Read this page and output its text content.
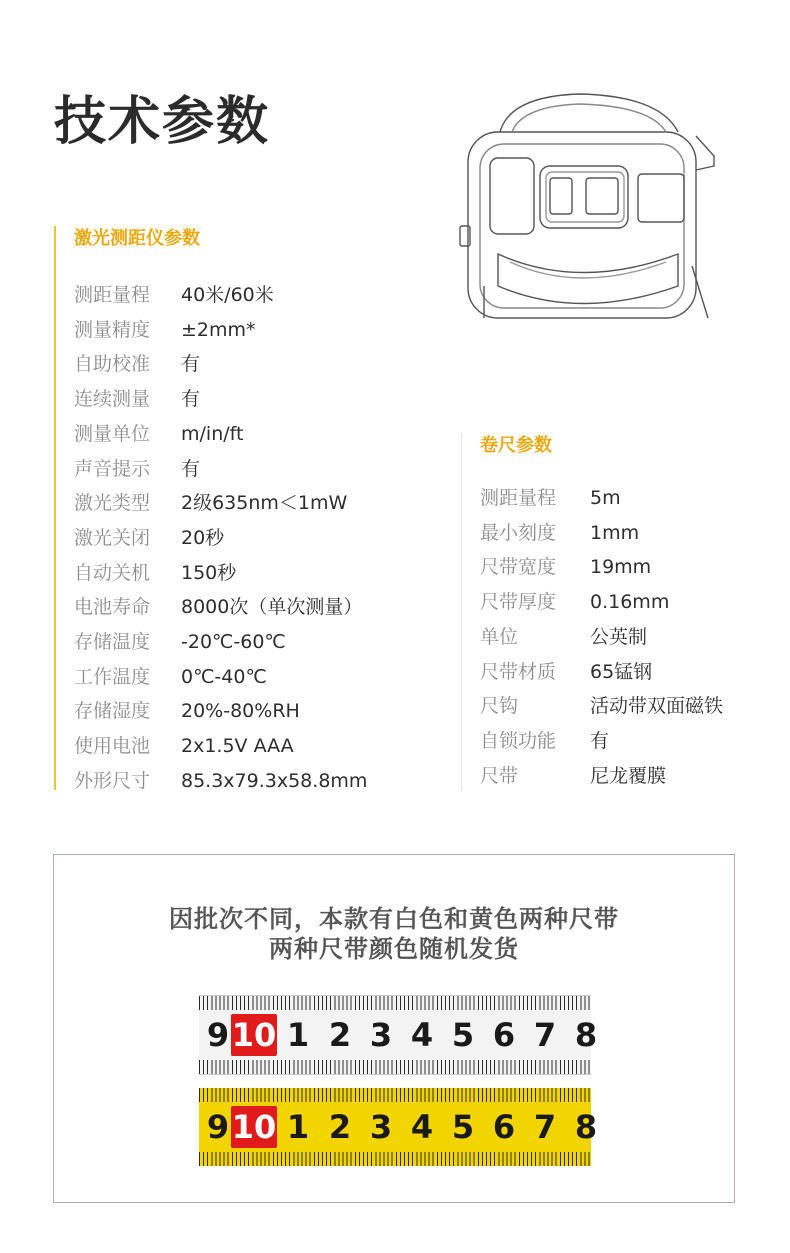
技术参数
激光测距仪参数
测距量程 40米/60米
测量精度 ±2mm*
自助校准 有
连续测量 有
测量单位 m/in/ft
声音提示 有
激光类型 2级635nm＜1mW
激光关闭 20秒
自动关机 150秒
电池寿命 8000次（单次测量）
存储温度 -20℃-60℃
工作温度 0℃-40℃
存储湿度 20%-80%RH
使用电池 2x1.5V AAA
外形尺寸 85.3x79.3x58.8mm
卷尺参数
测距量程 5m
最小刻度 1mm
尺带宽度 19mm
尺带厚度 0.16mm
单位	公英制
尺带材质 65锰钢
尺钩	活动带双面磁铁
自锁功能 有
尺带	尼龙覆膜
因批次不同，本款有白色和黄色两种尺带
两种尺带颜色随机发货
9 10 1 2 3 4 5 6 7 8
9 10 1 2 3 4 5 6 7 8
